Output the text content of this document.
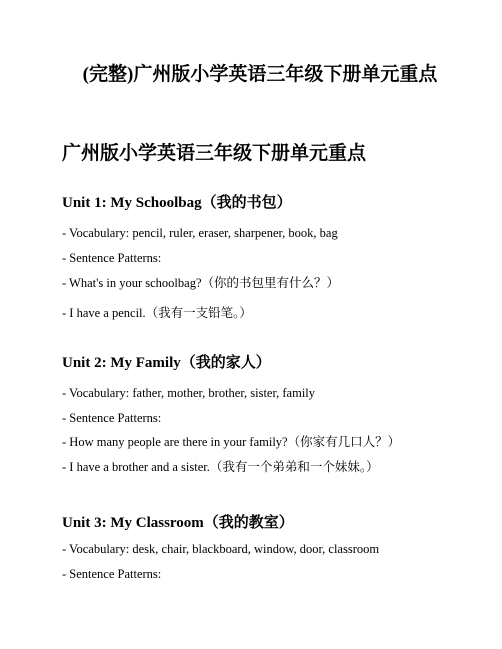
(完整)广州版小学英语三年级下册单元重点
广州版小学英语三年级下册单元重点
Unit 1: My Schoolbag（我的书包）

- Vocabulary: pencil, ruler, eraser, sharpener, book, bag

- Sentence Patterns:

- What's in your schoolbag?（你的书包里有什么？）

- I have a pencil.（我有一支铅笔。）

Unit 2: My Family（我的家人）

- Vocabulary: father, mother, brother, sister, family

- Sentence Patterns:

- How many people are there in your family?（你家有几口人？）

- I have a brother and a sister.（我有一个弟弟和一个妹妹。）

Unit 3: My Classroom（我的教室）

- Vocabulary: desk, chair, blackboard, window, door, classroom

- Sentence Patterns:
